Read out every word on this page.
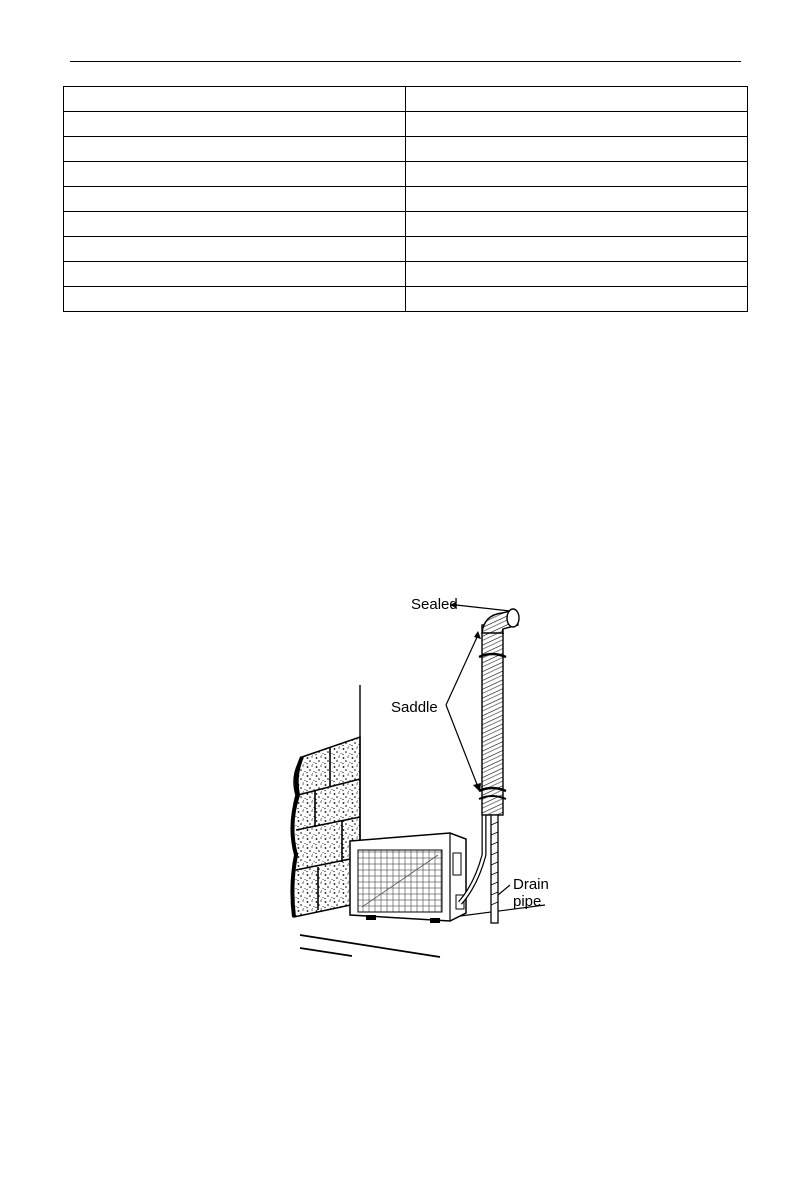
Sealed
Saddle
Drain
pipe
